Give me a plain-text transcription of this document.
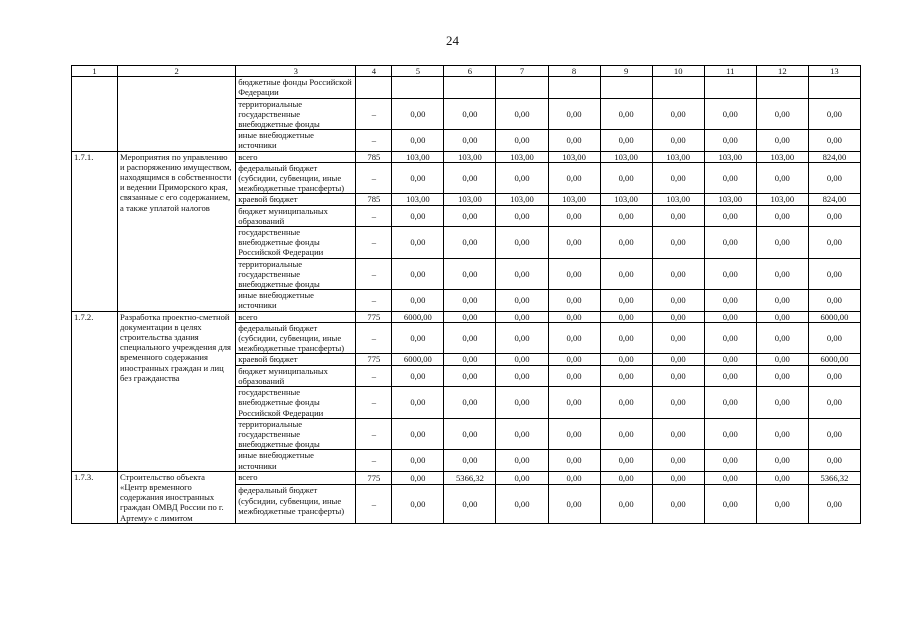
24
1	2	3	4	5	6	7	8	9	10	11	12	13
		бюджетные фонды Российской Федерации										
		территориальные государственные внебюджетные фонды	–	0,00	0,00	0,00	0,00	0,00	0,00	0,00	0,00	0,00
		иные внебюджетные источники	–	0,00	0,00	0,00	0,00	0,00	0,00	0,00	0,00	0,00
1.7.1.	Мероприятия по управлению и распоряжению имуществом, находящимся в собственности и ведении Приморского края, связанные с его содержанием, а также уплатой налогов	всего	785	103,00	103,00	103,00	103,00	103,00	103,00	103,00	103,00	824,00
		федеральный бюджет (субсидии, субвенции, иные межбюджетные трансферты)	–	0,00	0,00	0,00	0,00	0,00	0,00	0,00	0,00	0,00
		краевой бюджет	785	103,00	103,00	103,00	103,00	103,00	103,00	103,00	103,00	824,00
		бюджет муниципальных образований	–	0,00	0,00	0,00	0,00	0,00	0,00	0,00	0,00	0,00
		государственные внебюджетные фонды Российской Федерации	–	0,00	0,00	0,00	0,00	0,00	0,00	0,00	0,00	0,00
		территориальные государственные внебюджетные фонды	–	0,00	0,00	0,00	0,00	0,00	0,00	0,00	0,00	0,00
		иные внебюджетные источники	–	0,00	0,00	0,00	0,00	0,00	0,00	0,00	0,00	0,00
1.7.2.	Разработка проектно-сметной документации в целях строительства здания специального учреждения для временного содержания иностранных граждан и лиц без гражданства	всего	775	6000,00	0,00	0,00	0,00	0,00	0,00	0,00	0,00	6000,00
		федеральный бюджет (субсидии, субвенции, иные межбюджетные трансферты)	–	0,00	0,00	0,00	0,00	0,00	0,00	0,00	0,00	0,00
		краевой бюджет	775	6000,00	0,00	0,00	0,00	0,00	0,00	0,00	0,00	6000,00
		бюджет муниципальных образований	–	0,00	0,00	0,00	0,00	0,00	0,00	0,00	0,00	0,00
		государственные внебюджетные фонды Российской Федерации	–	0,00	0,00	0,00	0,00	0,00	0,00	0,00	0,00	0,00
		территориальные государственные внебюджетные фонды	–	0,00	0,00	0,00	0,00	0,00	0,00	0,00	0,00	0,00
		иные внебюджетные источники	–	0,00	0,00	0,00	0,00	0,00	0,00	0,00	0,00	0,00
1.7.3.	Строительство объекта «Центр временного содержания иностранных граждан ОМВД России по г. Артему» с лимитом	всего	775	0,00	5366,32	0,00	0,00	0,00	0,00	0,00	0,00	5366,32
		федеральный бюджет (субсидии, субвенции, иные межбюджетные трансферты)	–	0,00	0,00	0,00	0,00	0,00	0,00	0,00	0,00	0,00
